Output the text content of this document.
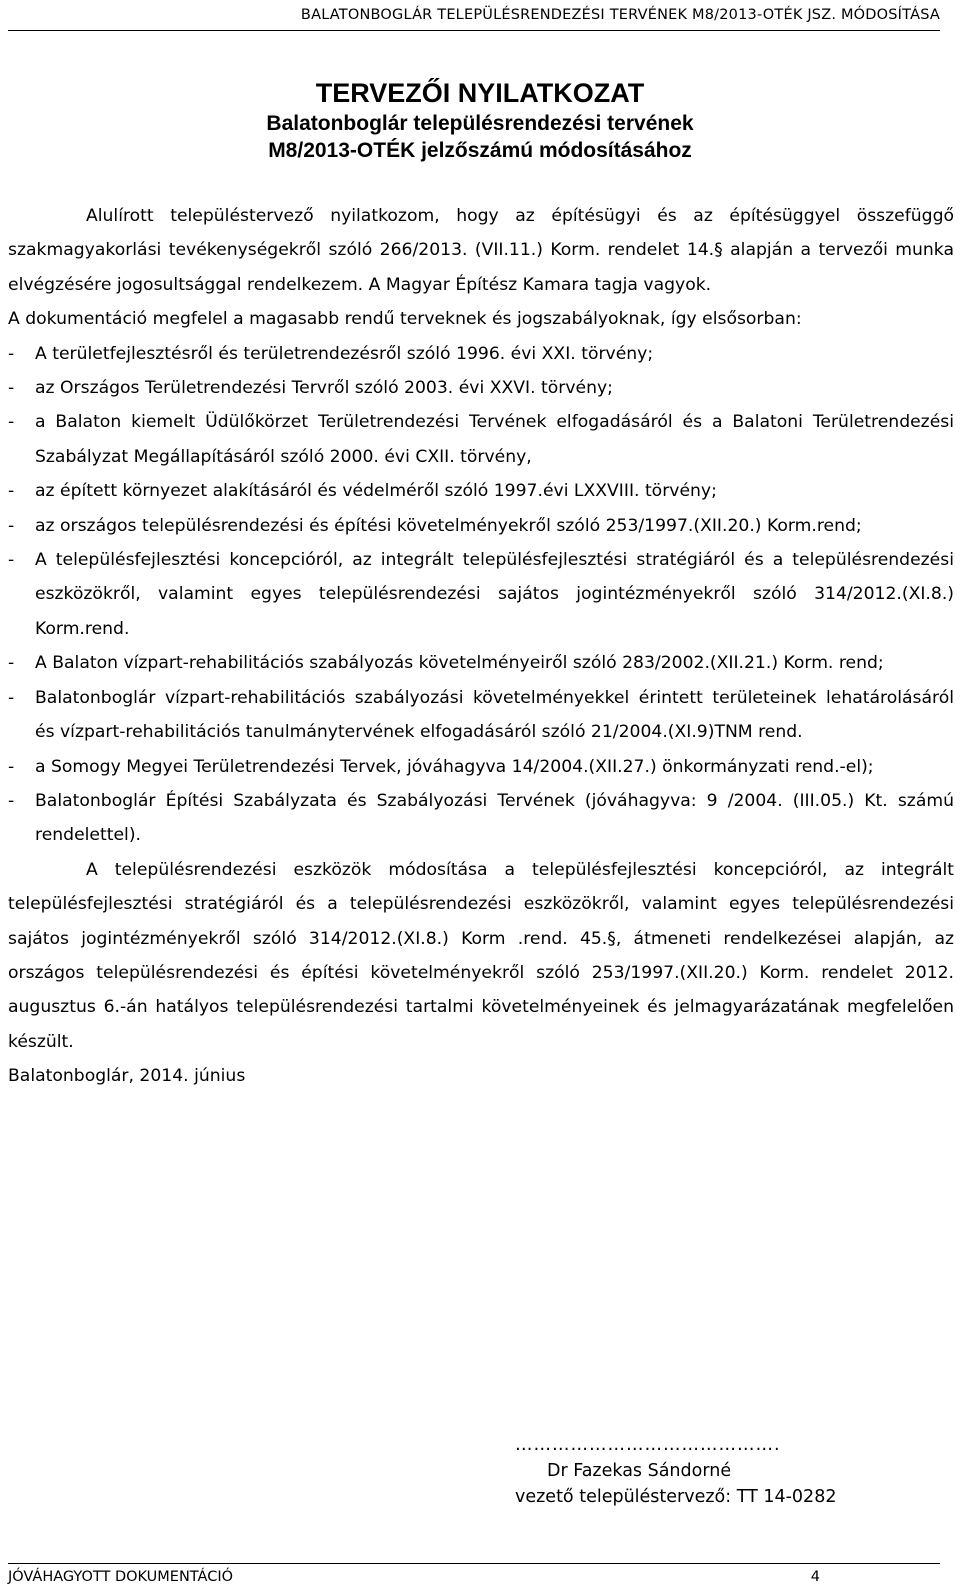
BALATONBOGLÁR TELEPÜLÉSRENDEZÉSI TERVÉNEK M8/2013-OTÉK JSZ. MÓDOSÍTÁSA
TERVEZŐI NYILATKOZAT
Balatonboglár településrendezési tervének
M8/2013-OTÉK jelzőszámú módosításához

Alulírott településtervező nyilatkozom, hogy az építésügyi és az építésüggyel összefüggő szakmagyakorlási tevékenységekről szóló 266/2013. (VII.11.) Korm. rendelet 14.§ alapján a tervezői munka elvégzésére jogosultsággal rendelkezem. A Magyar Építész Kamara tagja vagyok.

A dokumentáció megfelel a magasabb rendű terveknek és jogszabályoknak, így elsősorban:

- A területfejlesztésről és területrendezésről szóló 1996. évi XXI. törvény;
- az Országos Területrendezési Tervről szóló 2003. évi XXVI. törvény;
- a Balaton kiemelt Üdülőkörzet Területrendezési Tervének elfogadásáról és a Balatoni Területrendezési Szabályzat Megállapításáról szóló 2000. évi CXII. törvény,
- az épített környezet alakításáról és védelméről szóló 1997.évi LXXVIII. törvény;
- az országos településrendezési és építési követelményekről szóló 253/1997.(XII.20.) Korm.rend;
- A településfejlesztési koncepcióról, az integrált településfejlesztési stratégiáról és a településrendezési eszközökről, valamint egyes településrendezési sajátos jogintézményekről szóló 314/2012.(XI.8.) Korm.rend.
- A Balaton vízpart-rehabilitációs szabályozás követelményeiről szóló 283/2002.(XII.21.) Korm. rend;
- Balatonboglár vízpart-rehabilitációs szabályozási követelményekkel érintett területeinek lehatárolásáról és vízpart-rehabilitációs tanulmánytervének elfogadásáról szóló 21/2004.(XI.9)TNM rend.
- a Somogy Megyei Területrendezési Tervek, jóváhagyva 14/2004.(XII.27.) önkormányzati rend.-el);
- Balatonboglár Építési Szabályzata és Szabályozási Tervének (jóváhagyva: 9 /2004. (III.05.) Kt. számú rendelettel).

A településrendezési eszközök módosítása a településfejlesztési koncepcióról, az integrált településfejlesztési stratégiáról és a településrendezési eszközökről, valamint egyes településrendezési sajátos jogintézményekről szóló 314/2012.(XI.8.) Korm .rend. 45.§, átmeneti rendelkezései alapján, az országos településrendezési és építési követelményekről szóló 253/1997.(XII.20.) Korm. rendelet 2012. augusztus 6.-án hatályos településrendezési tartalmi követelményeinek és jelmagyarázatának megfelelően készült.

Balatonboglár, 2014. június

…………………………………….
Dr Fazekas Sándorné
vezető településtervező: TT 14-0282
JÓVÁHAGYOTT DOKUMENTÁCIÓ	4
